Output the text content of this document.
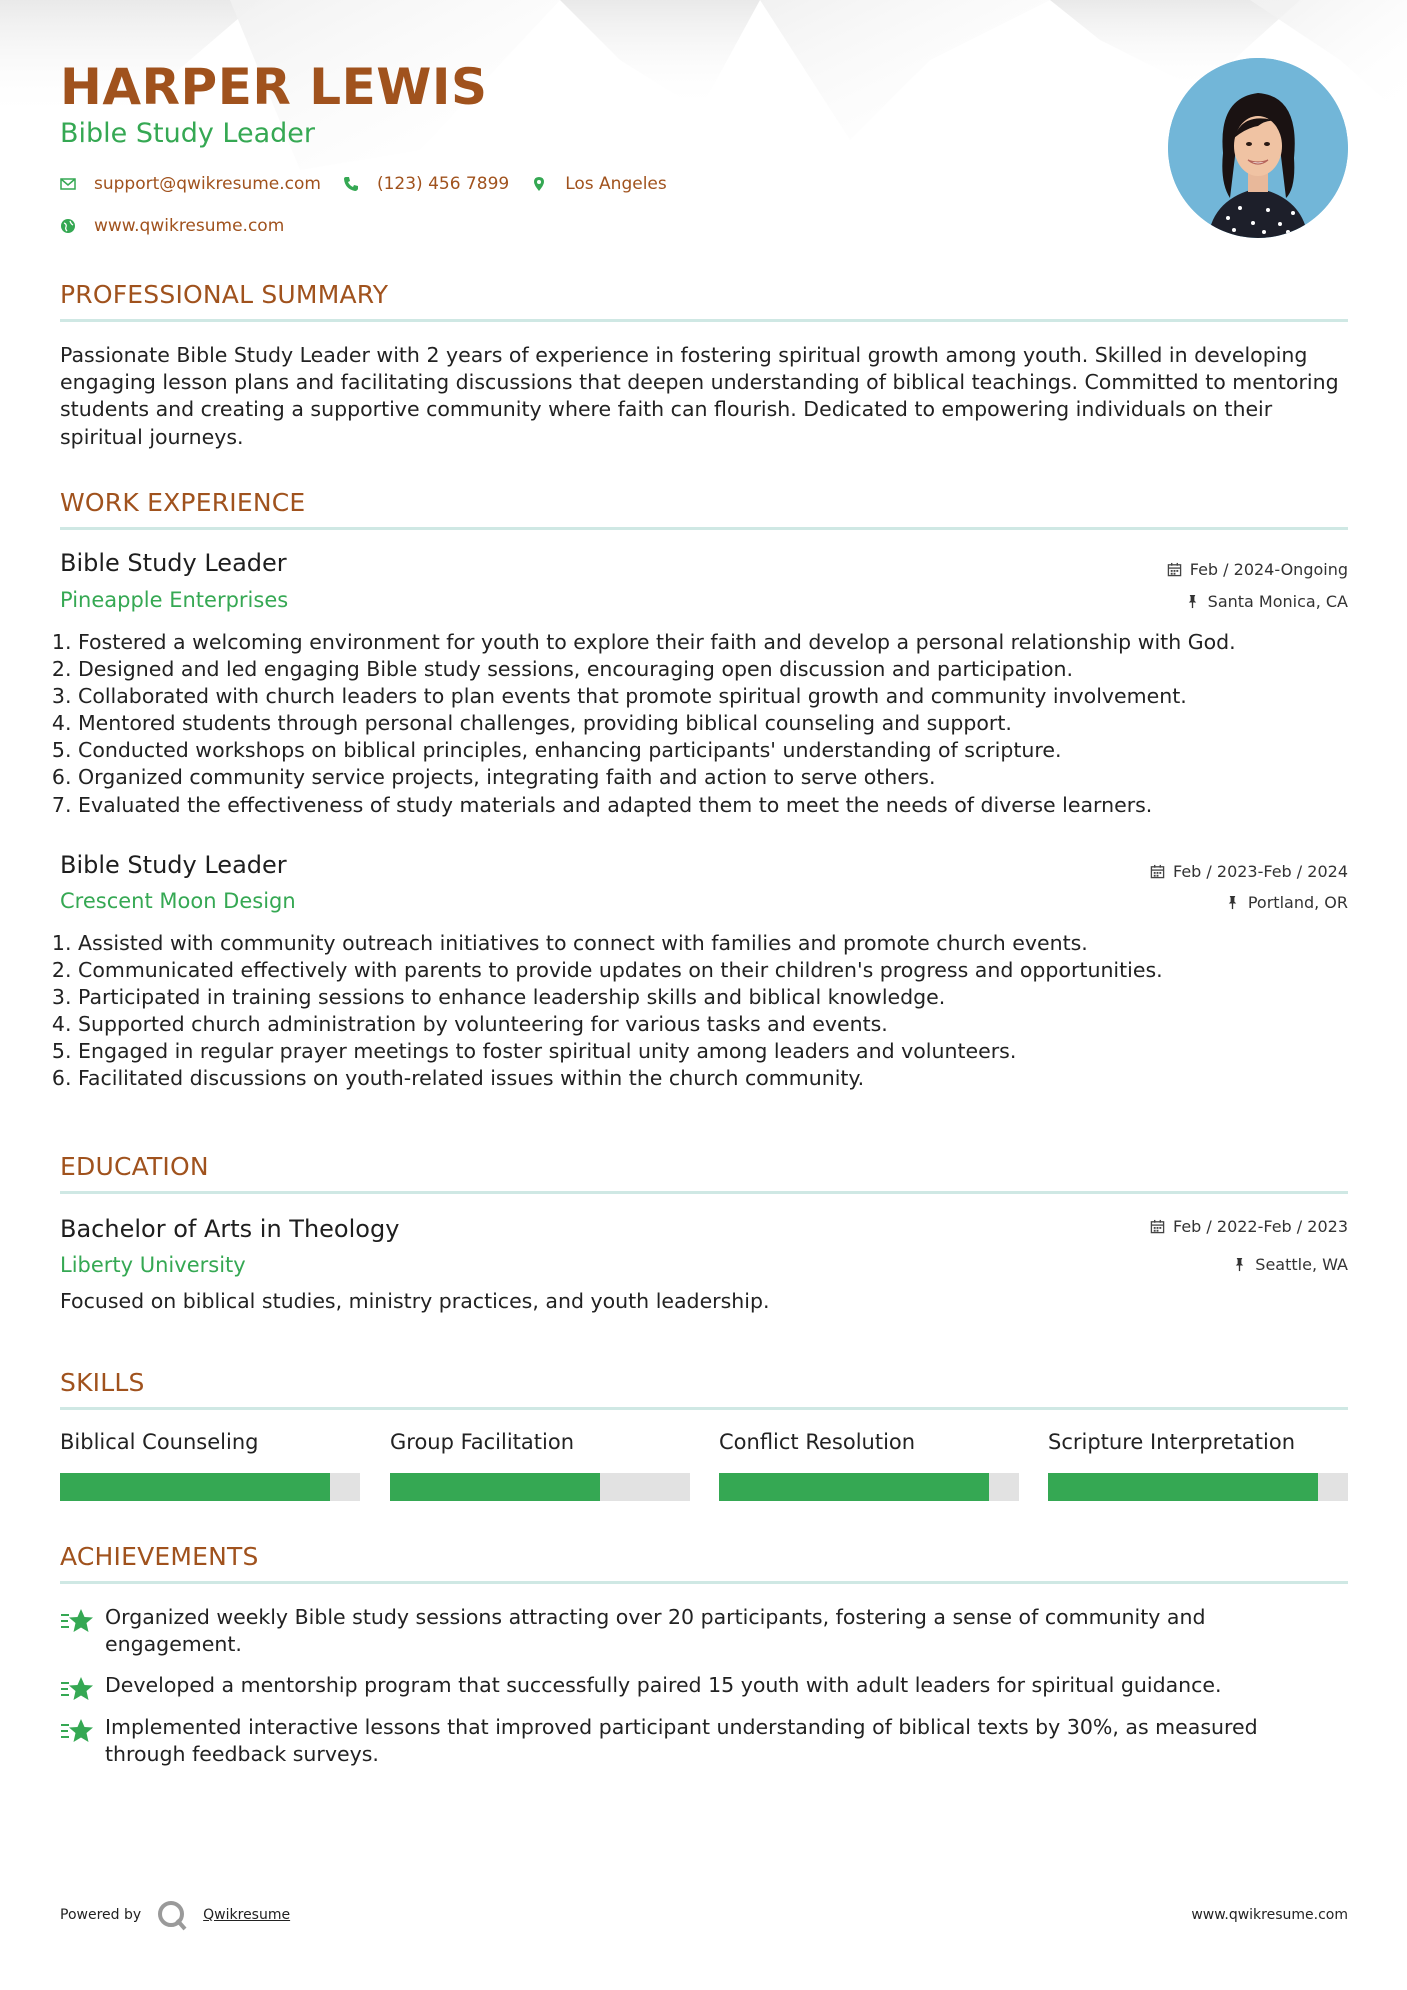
HARPER LEWIS
Bible Study Leader
support@qwikresume.com	(123) 456 7899	Los Angeles
www.qwikresume.com
PROFESSIONAL SUMMARY
Passionate Bible Study Leader with 2 years of experience in fostering spiritual growth among youth. Skilled in developing engaging lesson plans and facilitating discussions that deepen understanding of biblical teachings. Committed to mentoring students and creating a supportive community where faith can flourish. Dedicated to empowering individuals on their spiritual journeys.
WORK EXPERIENCE
Bible Study Leader	Feb / 2024-Ongoing
Pineapple Enterprises	Santa Monica, CA
1. Fostered a welcoming environment for youth to explore their faith and develop a personal relationship with God.
2. Designed and led engaging Bible study sessions, encouraging open discussion and participation.
3. Collaborated with church leaders to plan events that promote spiritual growth and community involvement.
4. Mentored students through personal challenges, providing biblical counseling and support.
5. Conducted workshops on biblical principles, enhancing participants' understanding of scripture.
6. Organized community service projects, integrating faith and action to serve others.
7. Evaluated the effectiveness of study materials and adapted them to meet the needs of diverse learners.
Bible Study Leader	Feb / 2023-Feb / 2024
Crescent Moon Design	Portland, OR
1. Assisted with community outreach initiatives to connect with families and promote church events.
2. Communicated effectively with parents to provide updates on their children's progress and opportunities.
3. Participated in training sessions to enhance leadership skills and biblical knowledge.
4. Supported church administration by volunteering for various tasks and events.
5. Engaged in regular prayer meetings to foster spiritual unity among leaders and volunteers.
6. Facilitated discussions on youth-related issues within the church community.
EDUCATION
Bachelor of Arts in Theology	Feb / 2022-Feb / 2023
Liberty University	Seattle, WA
Focused on biblical studies, ministry practices, and youth leadership.
SKILLS
Biblical Counseling	Group Facilitation	Conflict Resolution	Scripture Interpretation
ACHIEVEMENTS
Organized weekly Bible study sessions attracting over 20 participants, fostering a sense of community and engagement.
Developed a mentorship program that successfully paired 15 youth with adult leaders for spiritual guidance.
Implemented interactive lessons that improved participant understanding of biblical texts by 30%, as measured through feedback surveys.
Powered by	Qwikresume	www.qwikresume.com
